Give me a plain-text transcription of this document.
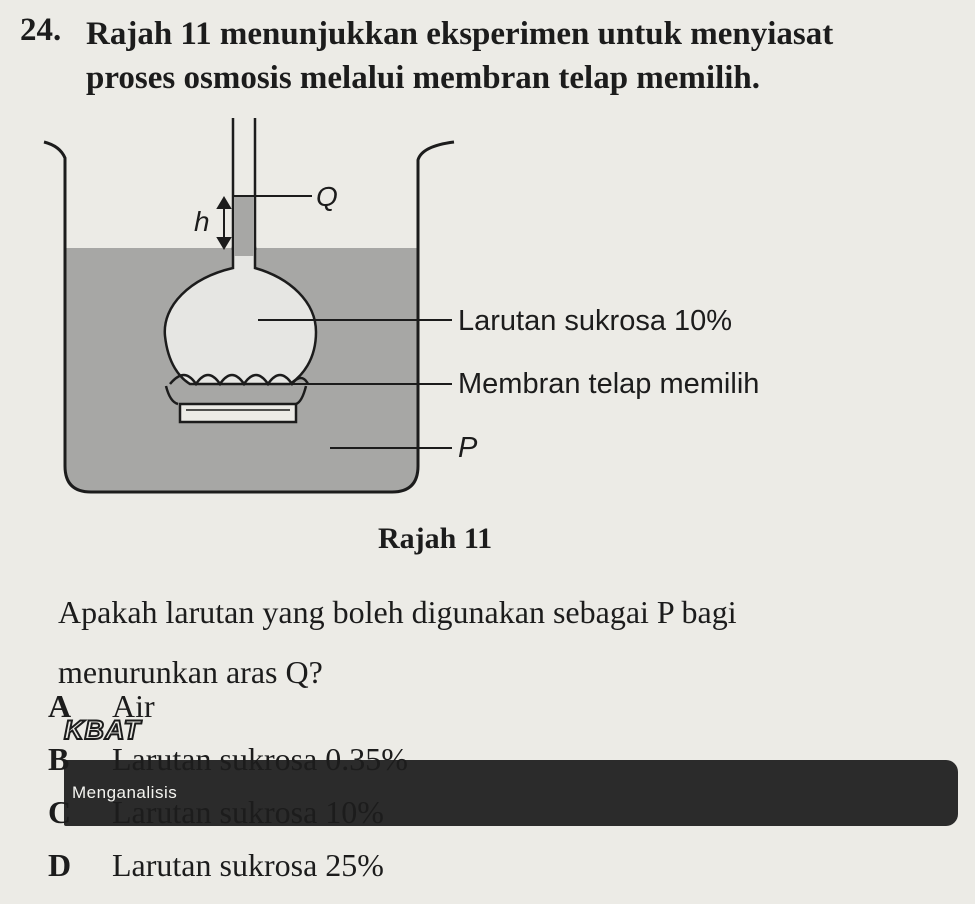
24. Rajah 11 menunjukkan eksperimen untuk menyiasat
proses osmosis melalui membran telap memilih.
h
Q
Larutan sukrosa 10%
Membran telap memilih
P
Rajah 11
Apakah larutan yang boleh digunakan sebagai P bagi
menurunkan aras Q?
KBAT
Menganalisis
A	Air
B	Larutan sukrosa 0.35%
C	Larutan sukrosa 10%
D	Larutan sukrosa 25%
